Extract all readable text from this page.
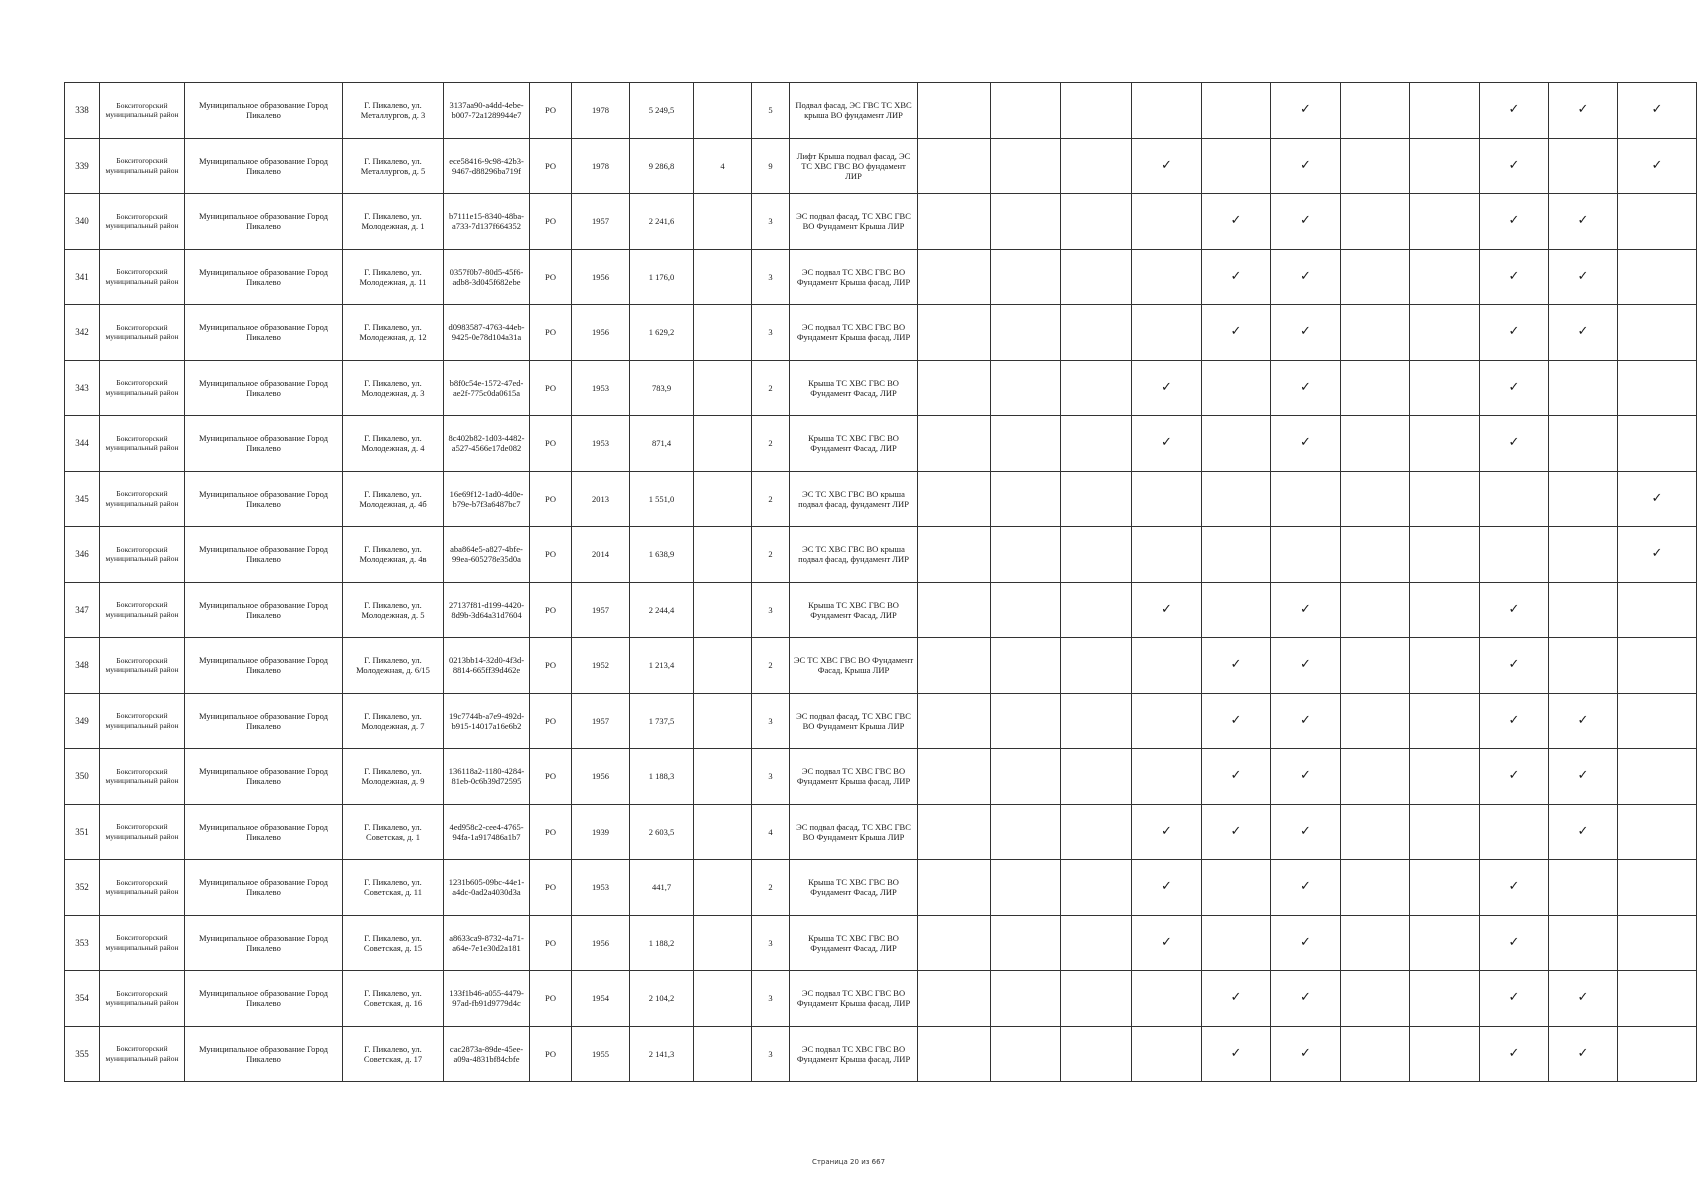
338	Бокситогорский муниципальный район	Муниципальное образование Город Пикалево	Г. Пикалево, ул. Металлургов, д. 3	3137aa90-a4dd-4ebe-b007-72a1289944e7	РО	1978	5 249,5		5	Подвал фасад, ЭС ГВС ТС ХВС крыша ВО фундамент ЛИР						✓			✓	✓	✓
339	Бокситогорский муниципальный район	Муниципальное образование Город Пикалево	Г. Пикалево, ул. Металлургов, д. 5	ece58416-9c98-42b3-9467-d88296ba719f	РО	1978	9 286,8	4	9	Лифт Крыша подвал фасад, ЭС ТС ХВС ГВС ВО фундамент ЛИР				✓		✓			✓		✓
340	Бокситогорский муниципальный район	Муниципальное образование Город Пикалево	Г. Пикалево, ул. Молодежная, д. 1	b7111e15-8340-48ba-a733-7d137f664352	РО	1957	2 241,6		3	ЭС подвал фасад, ТС ХВС ГВС ВО Фундамент Крыша ЛИР					✓	✓			✓	✓	
341	Бокситогорский муниципальный район	Муниципальное образование Город Пикалево	Г. Пикалево, ул. Молодежная, д. 11	0357f0b7-80d5-45f6-adb8-3d045f682ebe	РО	1956	1 176,0		3	ЭС подвал ТС ХВС ГВС ВО Фундамент Крыша фасад, ЛИР					✓	✓			✓	✓	
342	Бокситогорский муниципальный район	Муниципальное образование Город Пикалево	Г. Пикалево, ул. Молодежная, д. 12	d0983587-4763-44eb-9425-0e78d104a31a	РО	1956	1 629,2		3	ЭС подвал ТС ХВС ГВС ВО Фундамент Крыша фасад, ЛИР					✓	✓			✓	✓	
343	Бокситогорский муниципальный район	Муниципальное образование Город Пикалево	Г. Пикалево, ул. Молодежная, д. 3	b8f0c54e-1572-47ed-ae2f-775c0da0615a	РО	1953	783,9		2	Крыша ТС ХВС ГВС ВО Фундамент Фасад, ЛИР				✓		✓			✓		
344	Бокситогорский муниципальный район	Муниципальное образование Город Пикалево	Г. Пикалево, ул. Молодежная, д. 4	8c402b82-1d03-4482-a527-4566e17de082	РО	1953	871,4		2	Крыша ТС ХВС ГВС ВО Фундамент Фасад, ЛИР				✓		✓			✓		
345	Бокситогорский муниципальный район	Муниципальное образование Город Пикалево	Г. Пикалево, ул. Молодежная, д. 4б	16e69f12-1ad0-4d0e-b79e-b7f3a6487bc7	РО	2013	1 551,0		2	ЭС ТС ХВС ГВС ВО крыша подвал фасад, фундамент ЛИР											✓
346	Бокситогорский муниципальный район	Муниципальное образование Город Пикалево	Г. Пикалево, ул. Молодежная, д. 4в	aba864e5-a827-4bfe-99ea-605278e35d0a	РО	2014	1 638,9		2	ЭС ТС ХВС ГВС ВО крыша подвал фасад, фундамент ЛИР											✓
347	Бокситогорский муниципальный район	Муниципальное образование Город Пикалево	Г. Пикалево, ул. Молодежная, д. 5	27137f81-d199-4420-8d9b-3d64a31d7604	РО	1957	2 244,4		3	Крыша ТС ХВС ГВС ВО Фундамент Фасад, ЛИР				✓		✓			✓		
348	Бокситогорский муниципальный район	Муниципальное образование Город Пикалево	Г. Пикалево, ул. Молодежная, д. 6/15	0213bb14-32d0-4f3d-8814-665ff39d462e	РО	1952	1 213,4		2	ЭС ТС ХВС ГВС ВО Фундамент Фасад, Крыша ЛИР					✓	✓			✓		
349	Бокситогорский муниципальный район	Муниципальное образование Город Пикалево	Г. Пикалево, ул. Молодежная, д. 7	19c7744b-a7e9-492d-b915-14017a16e6b2	РО	1957	1 737,5		3	ЭС подвал фасад, ТС ХВС ГВС ВО Фундамент Крыша ЛИР					✓	✓			✓	✓	
350	Бокситогорский муниципальный район	Муниципальное образование Город Пикалево	Г. Пикалево, ул. Молодежная, д. 9	136118a2-1180-4284-81eb-0c6b39d72595	РО	1956	1 188,3		3	ЭС подвал ТС ХВС ГВС ВО Фундамент Крыша фасад, ЛИР					✓	✓			✓	✓	
351	Бокситогорский муниципальный район	Муниципальное образование Город Пикалево	Г. Пикалево, ул. Советская, д. 1	4ed958c2-cee4-4765-94fa-1a917486a1b7	РО	1939	2 603,5		4	ЭС подвал фасад, ТС ХВС ГВС ВО Фундамент Крыша ЛИР				✓	✓	✓				✓	
352	Бокситогорский муниципальный район	Муниципальное образование Город Пикалево	Г. Пикалево, ул. Советская, д. 11	1231b605-09bc-44e1-a4dc-0ad2a4030d3a	РО	1953	441,7		2	Крыша ТС ХВС ГВС ВО Фундамент Фасад, ЛИР				✓		✓			✓		
353	Бокситогорский муниципальный район	Муниципальное образование Город Пикалево	Г. Пикалево, ул. Советская, д. 15	a8633ca9-8732-4a71-a64e-7e1e30d2a181	РО	1956	1 188,2		3	Крыша ТС ХВС ГВС ВО Фундамент Фасад, ЛИР				✓		✓			✓		
354	Бокситогорский муниципальный район	Муниципальное образование Город Пикалево	Г. Пикалево, ул. Советская, д. 16	133f1b46-a055-4479-97ad-fb91d9779d4c	РО	1954	2 104,2		3	ЭС подвал ТС ХВС ГВС ВО Фундамент Крыша фасад, ЛИР					✓	✓			✓	✓	
355	Бокситогорский муниципальный район	Муниципальное образование Город Пикалево	Г. Пикалево, ул. Советская, д. 17	cac2873a-89de-45ee-a09a-4831bf84cbfe	РО	1955	2 141,3		3	ЭС подвал ТС ХВС ГВС ВО Фундамент Крыша фасад, ЛИР					✓	✓			✓	✓	
Страница 20 из 667
